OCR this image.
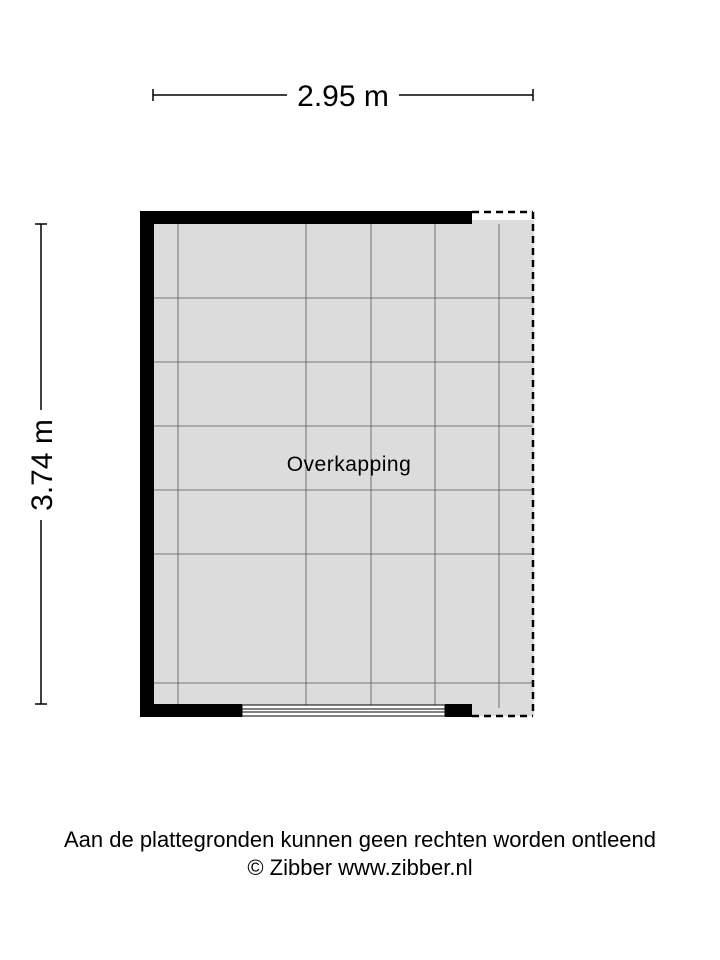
2.95 m
3.74 m	Overkapping
Aan de plattegronden kunnen geen rechten worden ontleend
© Zibber www.zibber.nl
